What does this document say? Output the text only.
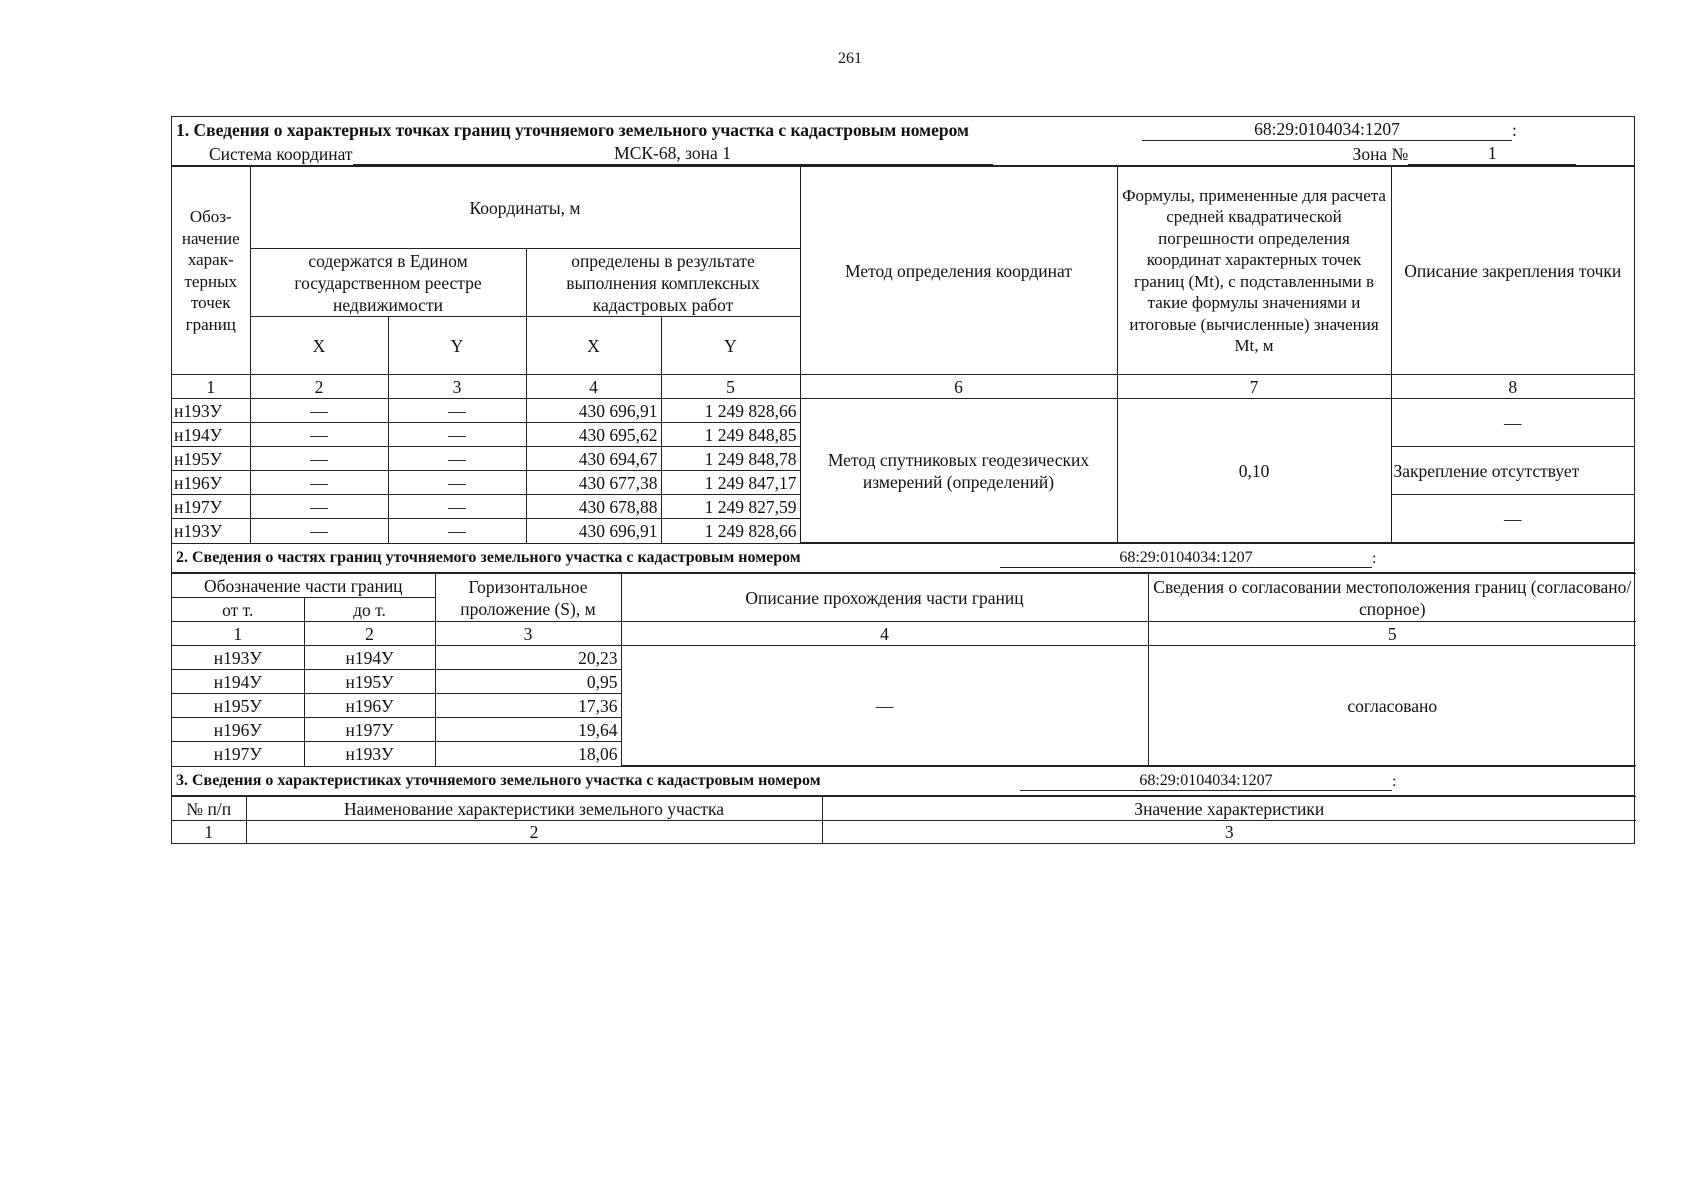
261
1. Сведения о характерных точках границ уточняемого земельного участка с кадастровым номером	68:29:0104034:1207	:
Система координат	МСК-68, зона 1	Зона №	1
Обоз-начение харак-терных точек границ	Координаты, м				Метод определения координат	Формулы, примененные для расчета средней квадратической погрешности определения координат характерных точек границ (Mt), с подставленными в такие формулы значениями и итоговые (вычисленные) значения Mt, м	Описание закрепления точки
	содержатся в Едином государственном реестре недвижимости		определены в результате выполнения комплексных кадастровых работ				
	X	Y	X	Y			
1	2	3	4	5	6	7	8
н193У	—	—	430 696,91	1 249 828,66	Метод спутниковых геодезических измерений (определений)	0,10	—
н194У	—	—	430 695,62	1 249 848,85			
н195У	—	—	430 694,67	1 249 848,78			Закрепление отсутствует
н196У	—	—	430 677,38	1 249 847,17			
н197У	—	—	430 678,88	1 249 827,59			—
н193У	—	—	430 696,91	1 249 828,66			
2. Сведения о частях границ уточняемого земельного участка с кадастровым номером	68:29:0104034:1207	:
Обозначение части границ		Горизонтальное проложение (S), м	Описание прохождения части границ	Сведения о согласовании местоположения границ (согласовано/спорное)
от т.	до т.			
1	2	3	4	5
н193У	н194У	20,23	—	согласовано
н194У	н195У	0,95		
н195У	н196У	17,36		
н196У	н197У	19,64		
н197У	н193У	18,06		
3. Сведения о характеристиках уточняемого земельного участка с кадастровым номером	68:29:0104034:1207	:
№ п/п	Наименование характеристики земельного участка	Значение характеристики
1	2	3
